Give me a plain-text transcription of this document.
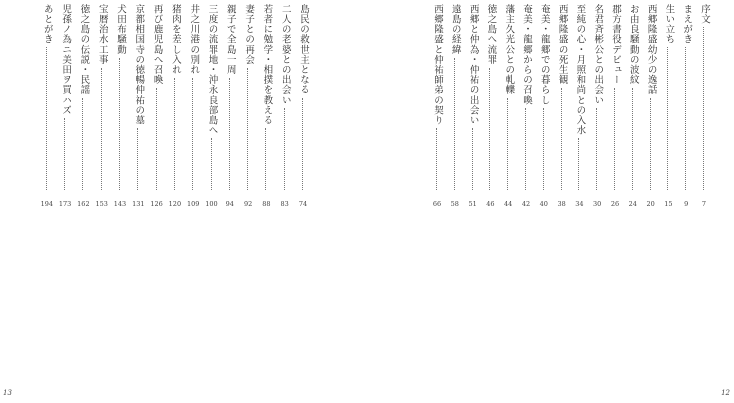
序文
7
まえがき
9
生い立ち
15
西郷隆盛幼少の逸話
20
お由良騒動の波紋
24
郡方書役デビュー
26
名君斉彬公との出会い
30
至純の心・月照和尚との入水
34
西郷隆盛の死生観
38
奄美・龍郷での暮らし
40
奄美・龍郷からの召喚
42
藩主久光公との軋轢
44
徳之島へ流罪
46
西郷と仲為・仲祐の出会い
51
遠島の経緯
58
西郷隆盛と仲祐師弟の契り
66
12
島民の救世主となる
74
二人の老婆との出会い
83
若者に勉学・相撲を教える
88
妻子との再会
92
親子で全島一周
94
三度の流罪地・沖永良部島へ
100
井之川港の別れ
109
猪肉を差し入れ
120
再び鹿児島へ召喚
126
京都相国寺の徳暢仲祐の墓
131
犬田布騒動
143
宝暦治水工事
153
徳之島の伝説・民謡
162
児孫ノ為ニ美田ヲ買ハズ
173
あとがき
194
13
